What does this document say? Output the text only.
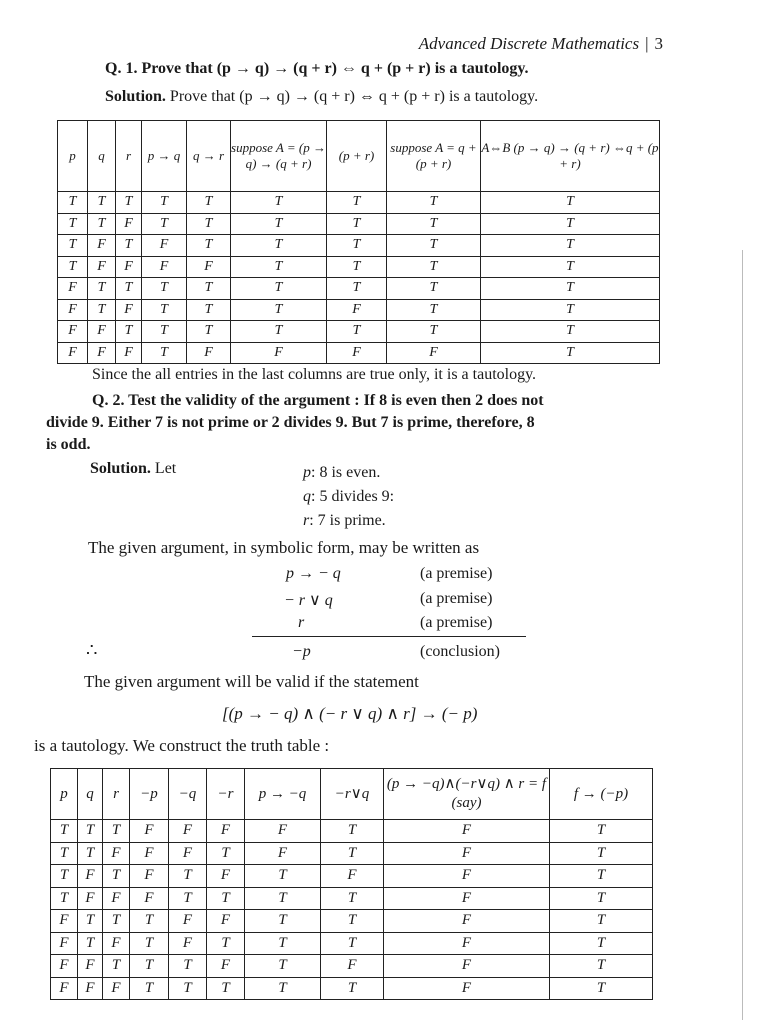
Advanced Discrete Mathematics | 3
Q. 1. Prove that (p → q) → (q + r) ⇔ q + (p + r) is a tautology.
Solution. Prove that (p → q) → (q + r) ⇔ q + (p + r) is a tautology.
p	q	r	p → q	q → r	suppose A = (p → q) → (q + r)	(p + r)	suppose A = q + (p + r)	A⇔B (p → q) → (q + r) ⇔q + (p + r)
T	T	T	T	T	T	T	T	T
T	T	F	T	T	T	T	T	T
T	F	T	F	T	T	T	T	T
T	F	F	F	F	T	T	T	T
F	T	T	T	T	T	T	T	T
F	T	F	T	T	T	F	T	T
F	F	T	T	T	T	T	T	T
F	F	F	T	F	F	F	F	T
Since the all entries in the last columns are true only, it is a tautology.
Q. 2. Test the validity of the argument : If 8 is even then 2 does not
divide 9. Either 7 is not prime or 2 divides 9. But 7 is prime, therefore, 8
is odd.
Solution. Let	p: 8 is even.
q: 5 divides 9:
r: 7 is prime.
The given argument, in symbolic form, may be written as
p → − q	(a premise)
− r ∨ q	(a premise)
r	(a premise)
∴	−p	(conclusion)
The given argument will be valid if the statement
[(p → − q) ∧ (− r ∨ q) ∧ r] → (− p)
is a tautology. We construct the truth table :
p	q	r	−p	−q	−r	p → −q	−r∨q	(p → −q)∧(−r∨q) ∧ r = f (say)	f → (−p)
T	T	T	F	F	F	F	T	F	T
T	T	F	F	F	T	F	T	F	T
T	F	T	F	T	F	T	F	F	T
T	F	F	F	T	T	T	T	F	T
F	T	T	T	F	F	T	T	F	T
F	T	F	T	F	T	T	T	F	T
F	F	T	T	T	F	T	F	F	T
F	F	F	T	T	T	T	T	F	T
